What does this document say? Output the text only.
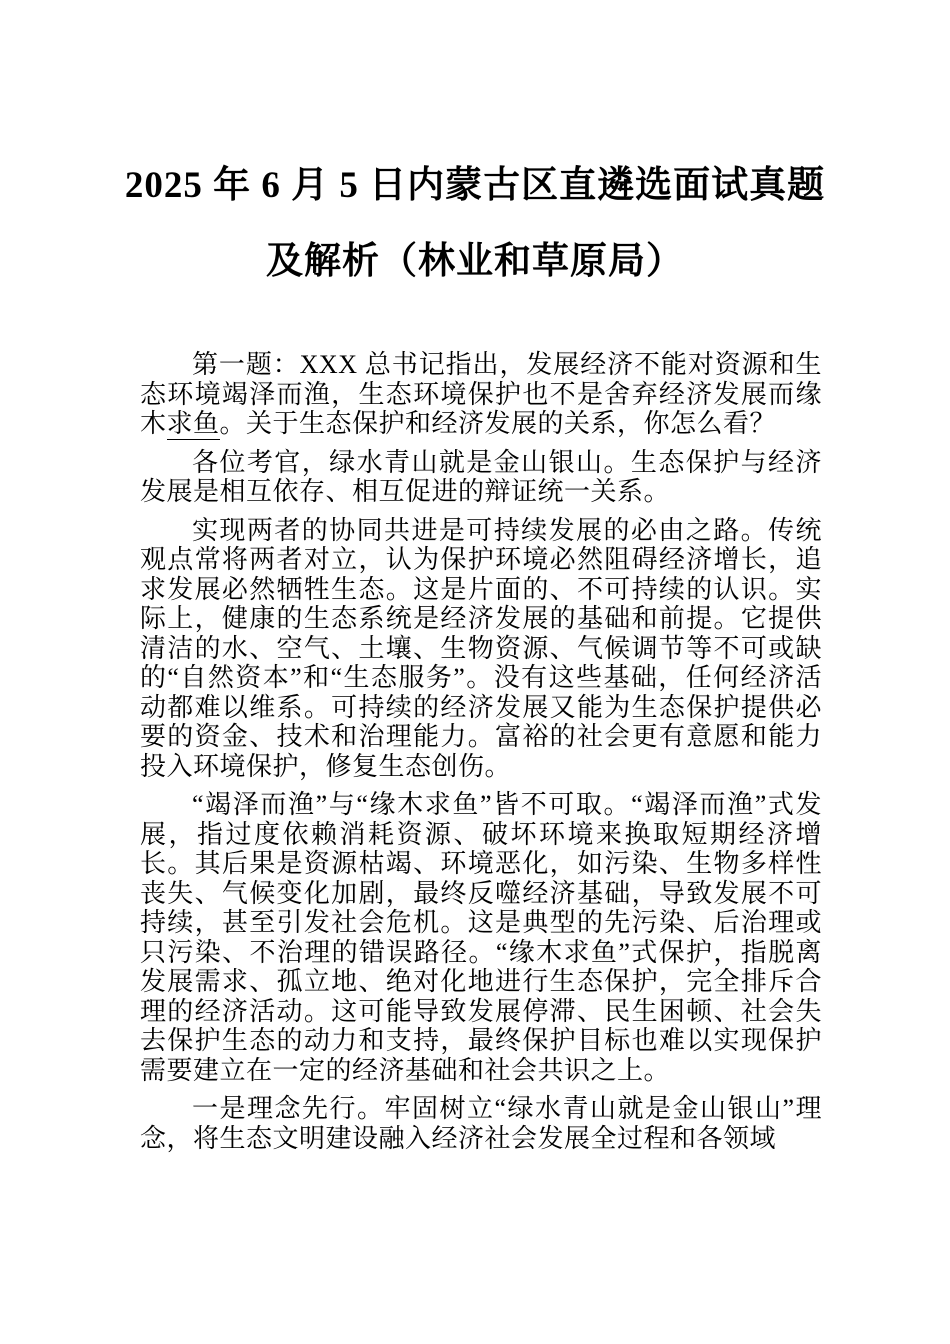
2025 年 6 月 5 日内蒙古区直遴选面试真题
及解析（林业和草原局）

第一题：XXX 总书记指出，发展经济不能对资源和生态环境竭泽而渔，生态环境保护也不是舍弃经济发展而缘木求鱼。关于生态保护和经济发展的关系，你怎么看？

各位考官，绿水青山就是金山银山。生态保护与经济发展是相互依存、相互促进的辩证统一关系。

实现两者的协同共进是可持续发展的必由之路。传统观点常将两者对立，认为保护环境必然阻碍经济增长，追求发展必然牺牲生态。这是片面的、不可持续的认识。实际上，健康的生态系统是经济发展的基础和前提。它提供清洁的水、空气、土壤、生物资源、气候调节等不可或缺的“自然资本”和“生态服务”。没有这些基础，任何经济活动都难以维系。可持续的经济发展又能为生态保护提供必要的资金、技术和治理能力。富裕的社会更有意愿和能力投入环境保护，修复生态创伤。

“竭泽而渔”与“缘木求鱼”皆不可取。“竭泽而渔”式发展，指过度依赖消耗资源、破坏环境来换取短期经济增长。其后果是资源枯竭、环境恶化，如污染、生物多样性丧失、气候变化加剧，最终反噬经济基础，导致发展不可持续，甚至引发社会危机。这是典型的先污染、后治理或只污染、不治理的错误路径。“缘木求鱼”式保护，指脱离发展需求、孤立地、绝对化地进行生态保护，完全排斥合理的经济活动。这可能导致发展停滞、民生困顿、社会失去保护生态的动力和支持，最终保护目标也难以实现保护需要建立在一定的经济基础和社会共识之上。

一是理念先行。牢固树立“绿水青山就是金山银山”理念，将生态文明建设融入经济社会发展全过程和各领域
